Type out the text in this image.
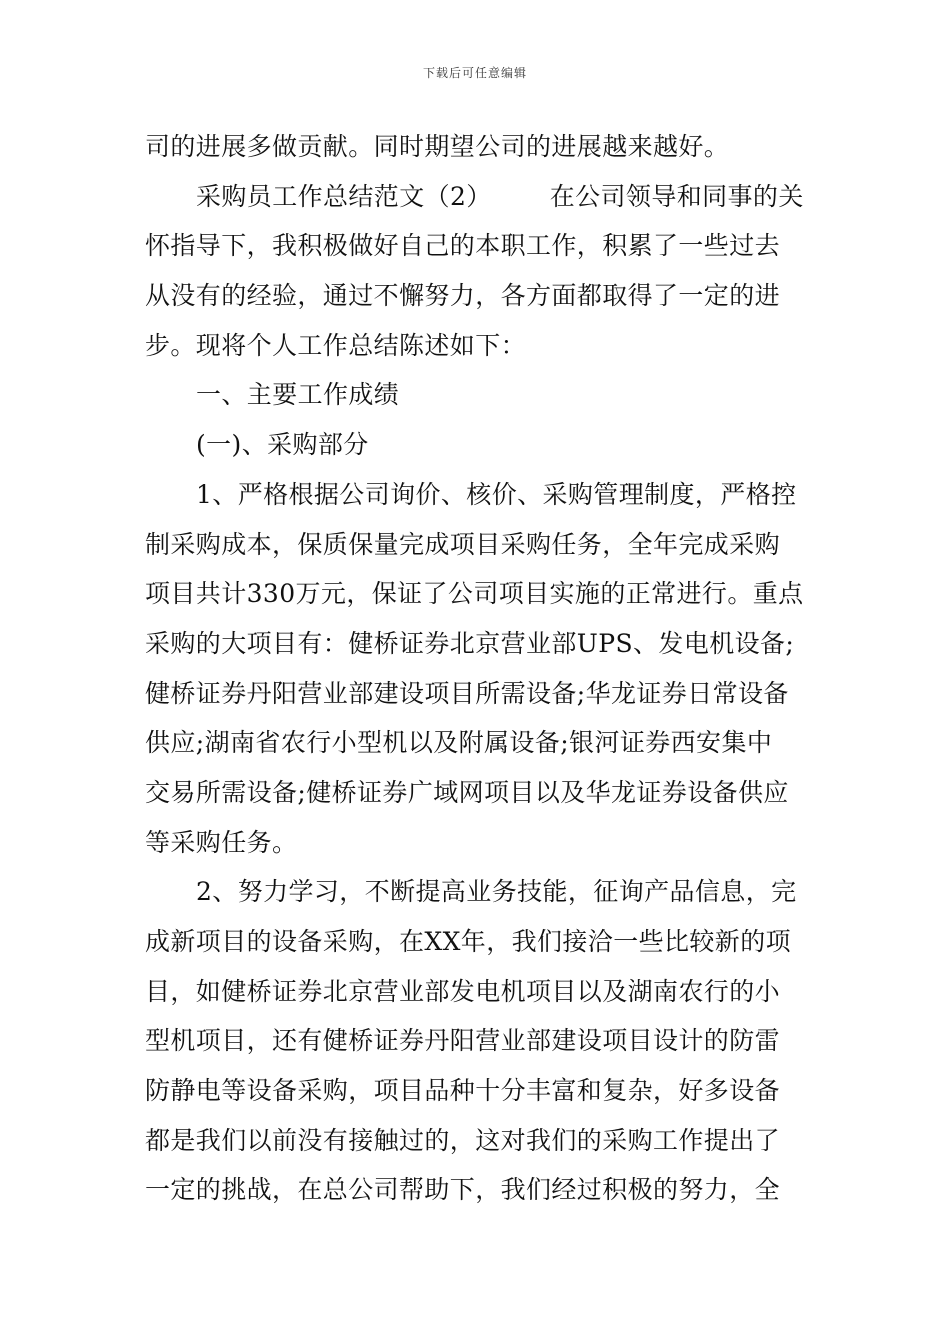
下载后可任意编辑
司的进展多做贡献。同时期望公司的进展越来越好。
采购员工作总结范文（2） 在公司领导和同事的关
怀指导下，我积极做好自己的本职工作，积累了一些过去
从没有的经验，通过不懈努力，各方面都取得了一定的进
步。现将个人工作总结陈述如下：
一、主要工作成绩
(一)、采购部分
1、严格根据公司询价、核价、采购管理制度，严格控
制采购成本，保质保量完成项目采购任务，全年完成采购
项目共计330万元，保证了公司项目实施的正常进行。重点
采购的大项目有：健桥证券北京营业部UPS、发电机设备;
健桥证券丹阳营业部建设项目所需设备;华龙证券日常设备
供应;湖南省农行小型机以及附属设备;银河证券西安集中
交易所需设备;健桥证券广域网项目以及华龙证券设备供应
等采购任务。
2、努力学习，不断提高业务技能，征询产品信息，完
成新项目的设备采购，在XX年，我们接洽一些比较新的项
目，如健桥证券北京营业部发电机项目以及湖南农行的小
型机项目，还有健桥证券丹阳营业部建设项目设计的防雷
防静电等设备采购，项目品种十分丰富和复杂，好多设备
都是我们以前没有接触过的，这对我们的采购工作提出了
一定的挑战，在总公司帮助下，我们经过积极的努力，全
